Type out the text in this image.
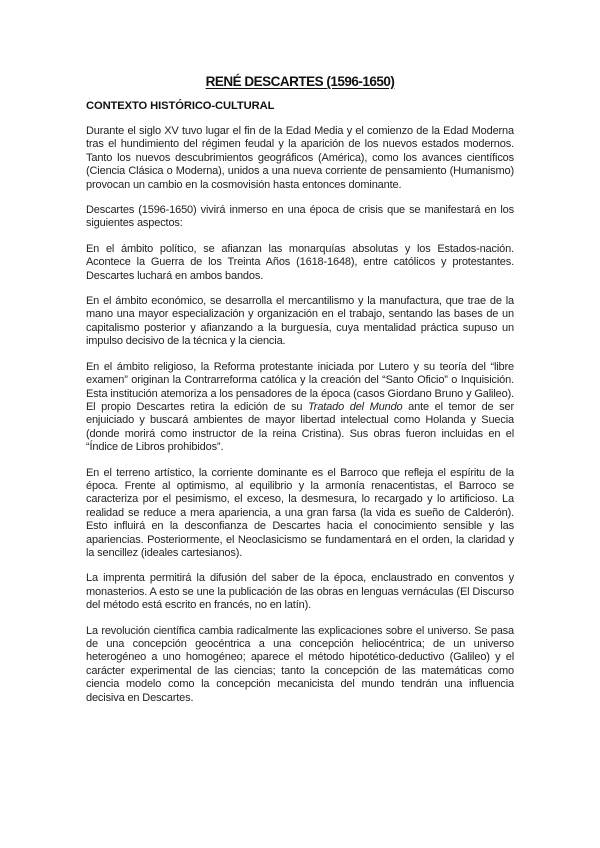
RENÉ DESCARTES (1596-1650)
CONTEXTO HISTÓRICO-CULTURAL

Durante el siglo XV tuvo lugar el fin de la Edad Media y el comienzo de la Edad Moderna tras el hundimiento del régimen feudal y la aparición de los nuevos estados modernos. Tanto los nuevos descubrimientos geográficos (América), como los avances científicos (Ciencia Clásica o Moderna), unidos a una nueva corriente de pensamiento (Humanismo) provocan un cambio en la cosmovisión hasta entonces dominante.

Descartes (1596-1650) vivirá inmerso en una época de crisis que se manifestará en los siguientes aspectos:

En el ámbito político, se afianzan las monarquías absolutas y los Estados-nación. Acontece la Guerra de los Treinta Años (1618-1648), entre católicos y protestantes. Descartes luchará en ambos bandos.

En el ámbito económico, se desarrolla el mercantilismo y la manufactura, que trae de la mano una mayor especialización y organización en el trabajo, sentando las bases de un capitalismo posterior y afianzando a la burguesía, cuya mentalidad práctica supuso un impulso decisivo de la técnica y la ciencia.

En el ámbito religioso, la Reforma protestante iniciada por Lutero y su teoría del “libre examen” originan la Contrarreforma católica y la creación del “Santo Oficio” o Inquisición. Esta institución atemoriza a los pensadores de la época (casos Giordano Bruno y Galileo). El propio Descartes retira la edición de su Tratado del Mundo ante el temor de ser enjuiciado y buscará ambientes de mayor libertad intelectual como Holanda y Suecia (donde morirá como instructor de la reina Cristina). Sus obras fueron incluidas en el “Índice de Libros prohibidos”.

En el terreno artístico, la corriente dominante es el Barroco que refleja el espíritu de la época. Frente al optimismo, al equilibrio y la armonía renacentistas, el Barroco se caracteriza por el pesimismo, el exceso, la desmesura, lo recargado y lo artificioso. La realidad se reduce a mera apariencia, a una gran farsa (la vida es sueño de Calderón). Esto influirá en la desconfianza de Descartes hacia el conocimiento sensible y las apariencias. Posteriormente, el Neoclasicismo se fundamentará en el orden, la claridad y la sencillez (ideales cartesianos).

La imprenta permitirá la difusión del saber de la época, enclaustrado en conventos y monasterios. A esto se une la publicación de las obras en lenguas vernáculas (El Discurso del método está escrito en francés, no en latín).

La revolución científica cambia radicalmente las explicaciones sobre el universo. Se pasa de una concepción geocéntrica a una concepción heliocéntrica; de un universo heterogéneo a uno homogéneo; aparece el método hipotético-deductivo (Galileo) y el carácter experimental de las ciencias; tanto la concepción de las matemáticas como ciencia modelo como la concepción mecanicista del mundo tendrán una influencia decisiva en Descartes.
